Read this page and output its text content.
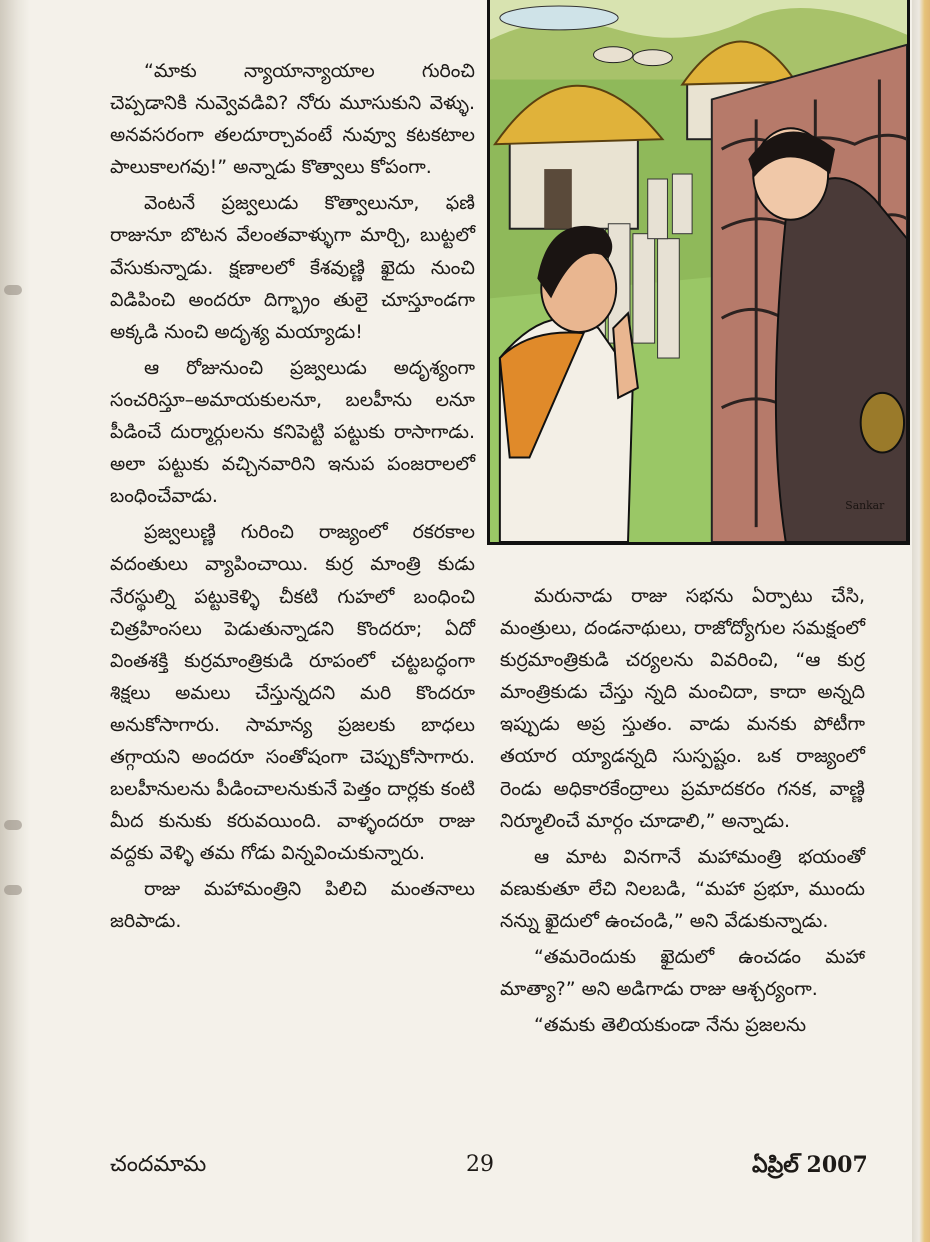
“మాకు న్యాయాన్యాయాల గురించి చెప్పడానికి నువ్వెవడివి? నోరు మూసుకుని వెళ్ళు. అనవసరంగా తలదూర్చావంటే నువ్వూ కటకటాల పాలుకాలగవు!” అన్నాడు కొత్వాలు కోపంగా.

వెంటనే ప్రజ్వలుడు కొత్వాలునూ, ఫణి రాజునూ బొటన వేలంతవాళ్ళుగా మార్చి, బుట్టలో వేసుకున్నాడు. క్షణాలలో కేశవుణ్ణి ఖైదు నుంచి విడిపించి అందరూ దిగ్భ్రాం తులై చూస్తూండగా అక్కడి నుంచి అదృశ్య మయ్యాడు!

ఆ రోజునుంచి ప్రజ్వలుడు అదృశ్యంగా సంచరిస్తూ–అమాయకులనూ, బలహీను లనూ పీడించే దుర్మార్గులను కనిపెట్టి పట్టుకు రాసాగాడు. అలా పట్టుకు వచ్చినవారిని ఇనుప పంజరాలలో బంధించేవాడు.

ప్రజ్వలుణ్ణి గురించి రాజ్యంలో రకరకాల వదంతులు వ్యాపించాయి. కుర్ర మాంత్రి కుడు నేరస్థుల్ని పట్టుకెళ్ళి చీకటి గుహలో బంధించి చిత్రహింసలు పెడుతున్నాడని కొందరూ; ఏదో వింతశక్తి కుర్రమాంత్రికుడి రూపంలో చట్టబద్ధంగా శిక్షలు అమలు చేస్తున్నదని మరి కొందరూ అనుకోసాగారు. సామాన్య ప్రజలకు బాధలు తగ్గాయని అందరూ సంతోషంగా చెప్పుకోసాగారు. బలహీనులను పీడించాలనుకునే పెత్తం దార్లకు కంటి మీద కునుకు కరువయింది. వాళ్ళందరూ రాజు వద్దకు వెళ్ళి తమ గోడు విన్నవించుకున్నారు.

రాజు మహామంత్రిని పిలిచి మంతనాలు జరిపాడు.

Sankar

మరునాడు రాజు సభను ఏర్పాటు చేసి, మంత్రులు, దండనాథులు, రాజోద్యోగుల సమక్షంలో కుర్రమాంత్రికుడి చర్యలను వివరించి, “ఆ కుర్ర మాంత్రికుడు చేస్తు న్నది మంచిదా, కాదా అన్నది ఇప్పుడు అప్ర స్తుతం. వాడు మనకు పోటీగా తయార య్యాడన్నది సుస్పష్టం. ఒక రాజ్యంలో రెండు అధికారకేంద్రాలు ప్రమాదకరం గనక, వాణ్ణి నిర్మూలించే మార్గం చూడాలి,” అన్నాడు.

ఆ మాట వినగానే మహామంత్రి భయంతో వణుకుతూ లేచి నిలబడి, “మహా ప్రభూ, ముందు నన్ను ఖైదులో ఉంచండి,” అని వేడుకున్నాడు.

“తమరెందుకు ఖైదులో ఉంచడం మహా మాత్యా?” అని అడిగాడు రాజు ఆశ్చర్యంగా.

“తమకు తెలియకుండా నేను ప్రజలను

చందమామ	29	ఏప్రిల్ 2007
